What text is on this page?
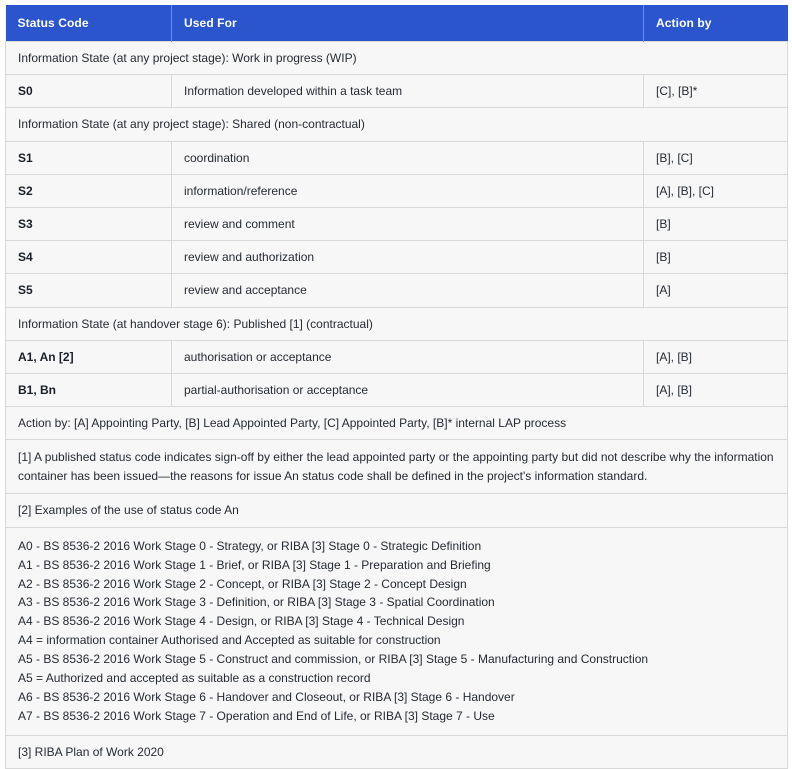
Status Code	Used For	Action by
Information State (at any project stage): Work in progress (WIP)		
S0	Information developed within a task team	[C], [B]*
Information State (at any project stage): Shared (non-contractual)		
S1	coordination	[B], [C]
S2	information/reference	[A], [B], [C]
S3	review and comment	[B]
S4	review and authorization	[B]
S5	review and acceptance	[A]
Information State (at handover stage 6): Published [1] (contractual)		
A1, An [2]	authorisation or acceptance	[A], [B]
B1, Bn	partial-authorisation or acceptance	[A], [B]
Action by: [A] Appointing Party, [B] Lead Appointed Party, [C] Appointed Party, [B]* internal LAP process		
[1] A published status code indicates sign-off by either the lead appointed party or the appointing party but did not describe why the information container has been issued—the reasons for issue An status code shall be defined in the project's information standard.		
[2] Examples of the use of status code An		

A0 - BS 8536-2 2016 Work Stage 0 - Strategy, or RIBA [3] Stage 0 - Strategic Definition
A1 - BS 8536-2 2016 Work Stage 1 - Brief, or RIBA [3] Stage 1 - Preparation and Briefing
A2 - BS 8536-2 2016 Work Stage 2 - Concept, or RIBA [3] Stage 2 - Concept Design
A3 - BS 8536-2 2016 Work Stage 3 - Definition, or RIBA [3] Stage 3 - Spatial Coordination
A4 - BS 8536-2 2016 Work Stage 4 - Design, or RIBA [3] Stage 4 - Technical Design
A4 = information container Authorised and Accepted as suitable for construction
A5 - BS 8536-2 2016 Work Stage 5 - Construct and commission, or RIBA [3] Stage 5 - Manufacturing and Construction
A5 = Authorized and accepted as suitable as a construction record
A6 - BS 8536-2 2016 Work Stage 6 - Handover and Closeout, or RIBA [3] Stage 6 - Handover
A7 - BS 8536-2 2016 Work Stage 7 - Operation and End of Life, or RIBA [3] Stage 7 - Use

[3] RIBA Plan of Work 2020		
